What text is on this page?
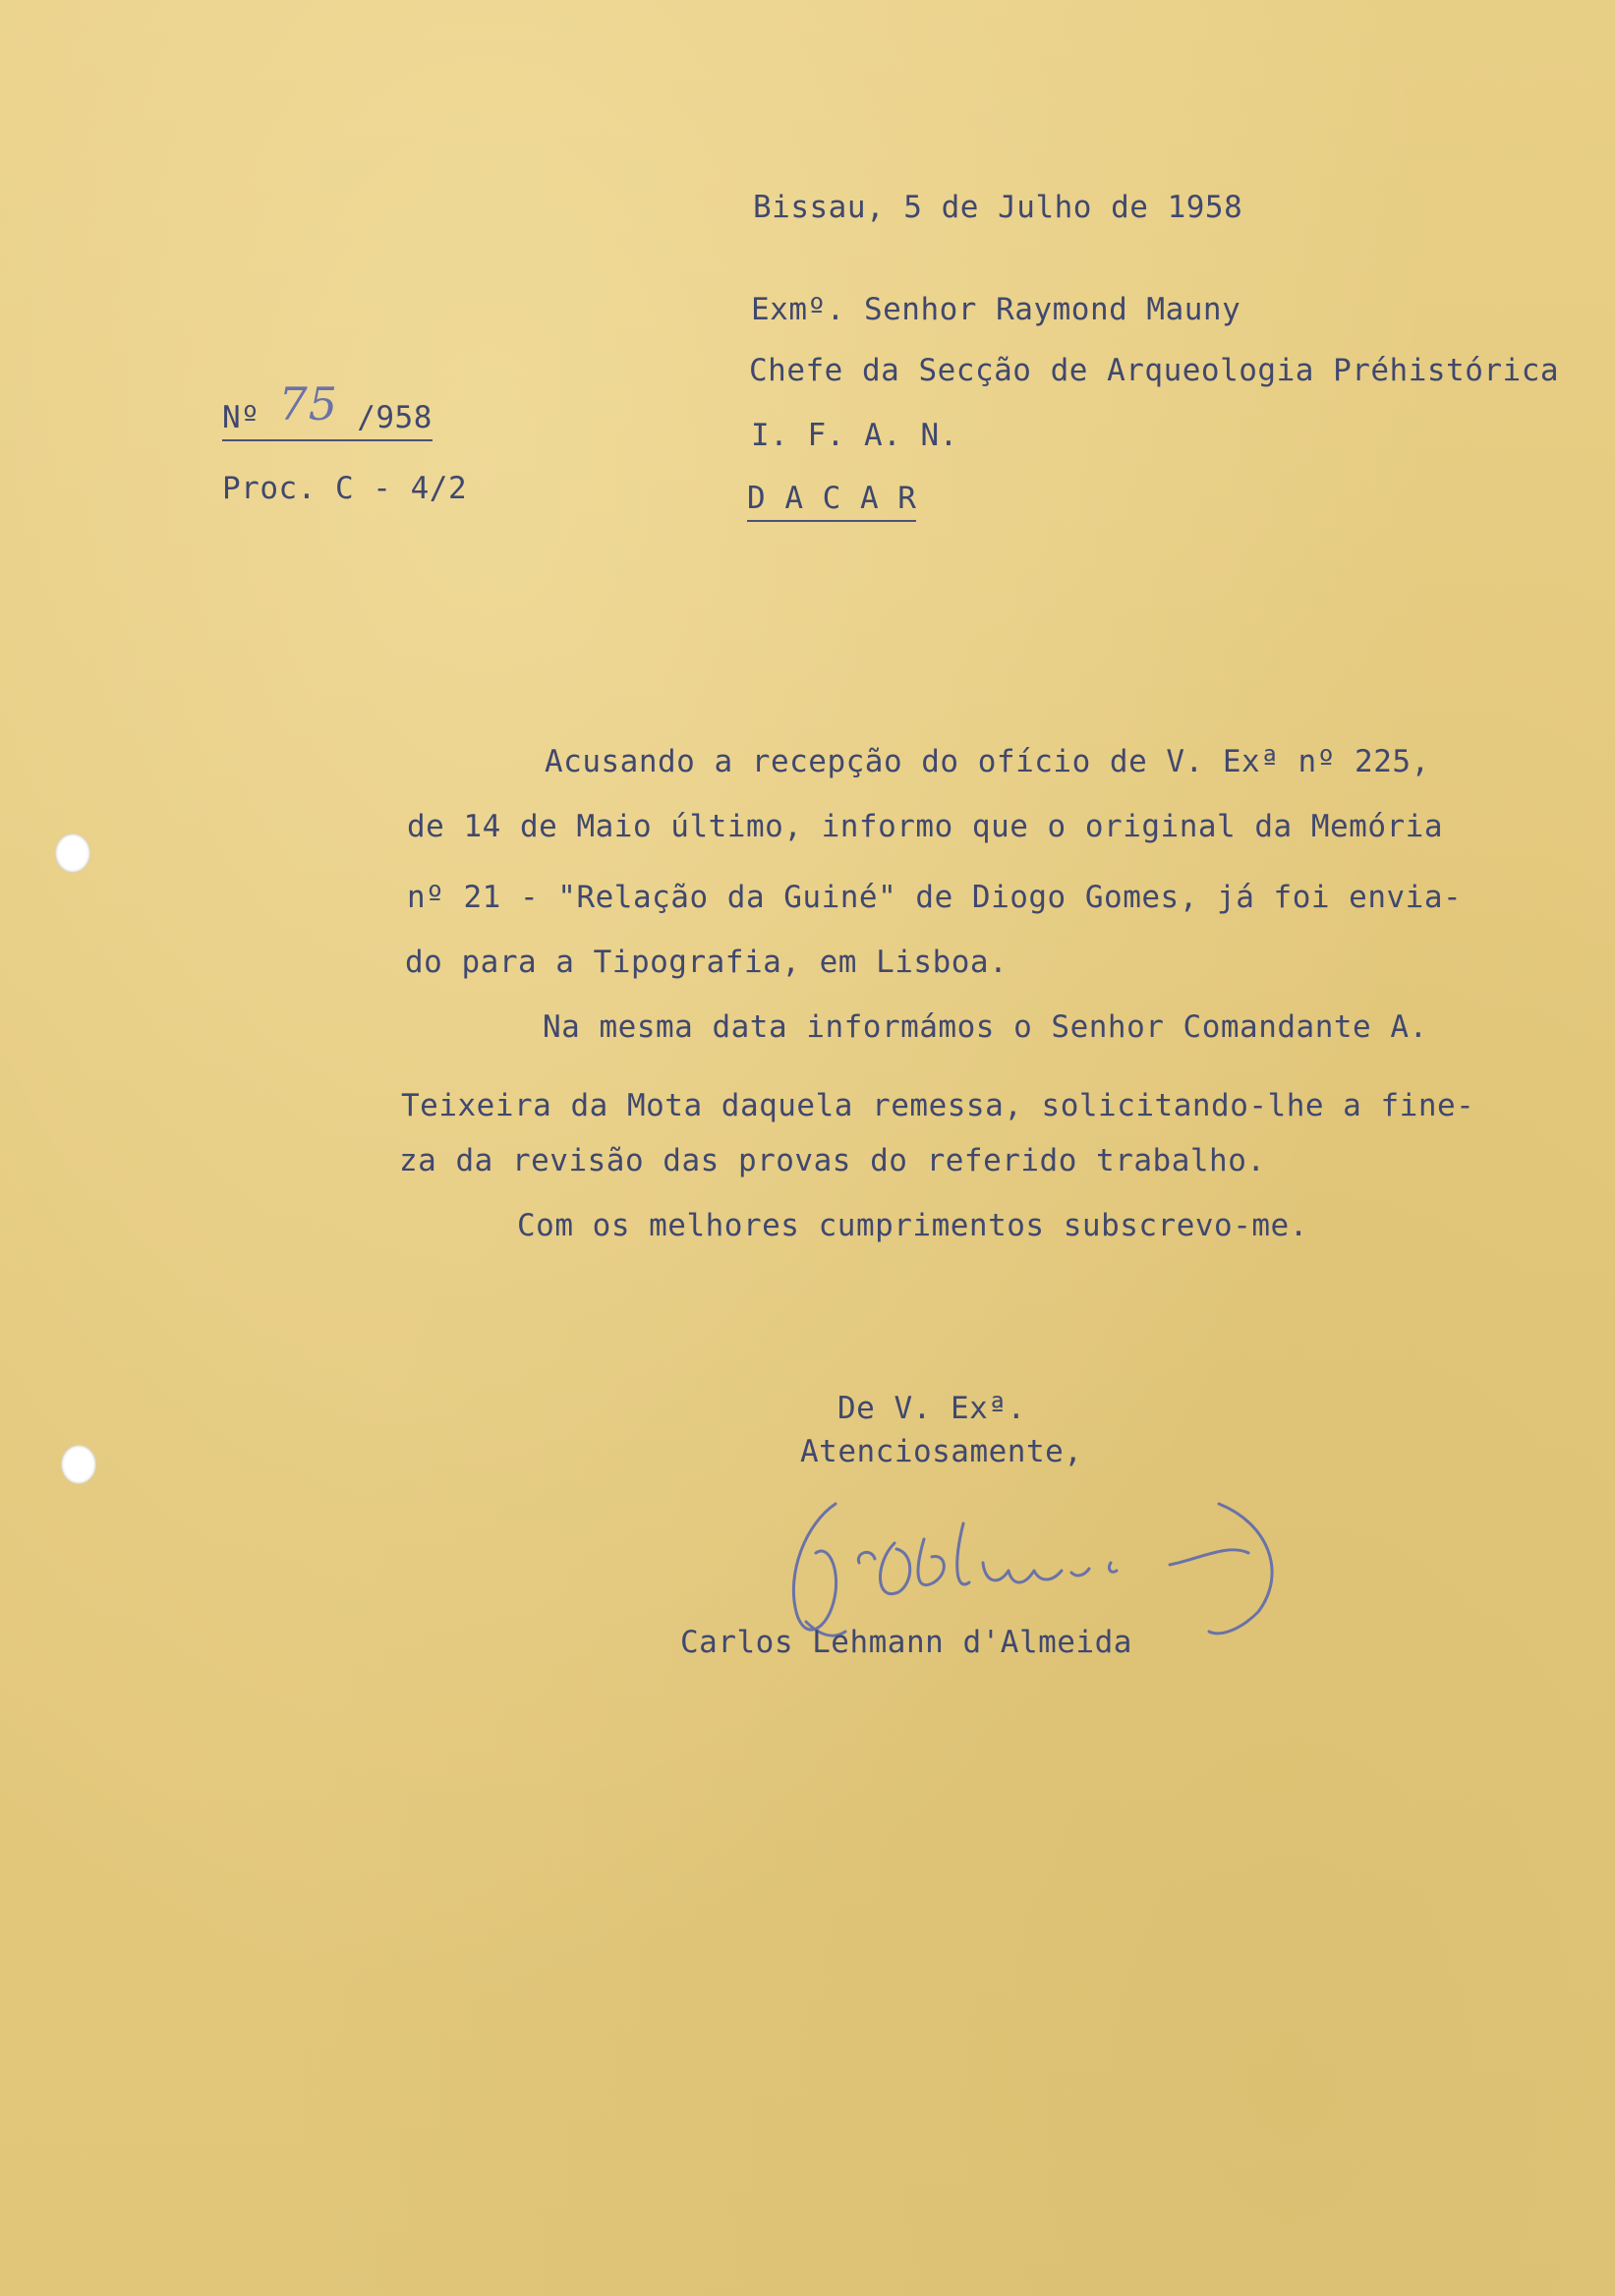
Bissau, 5 de Julho de 1958
Nº 75 /958
Proc. C - 4/2
Exmº. Senhor Raymond Mauny
Chefe da Secção de Arqueologia Préhistórica
I. F. A. N.
D A C A R
Acusando a recepção do ofício de V. Exª nº 225,
de 14 de Maio último, informo que o original da Memória
nº 21 - "Relação da Guiné" de Diogo Gomes, já foi envia-
do para a Tipografia, em Lisboa.
Na mesma data informámos o Senhor Comandante A.
Teixeira da Mota daquela remessa, solicitando-lhe a fine-
za da revisão das provas do referido trabalho.
Com os melhores cumprimentos subscrevo-me.
De V. Exª.
Atenciosamente,
Carlos Lehmann d'Almeida
